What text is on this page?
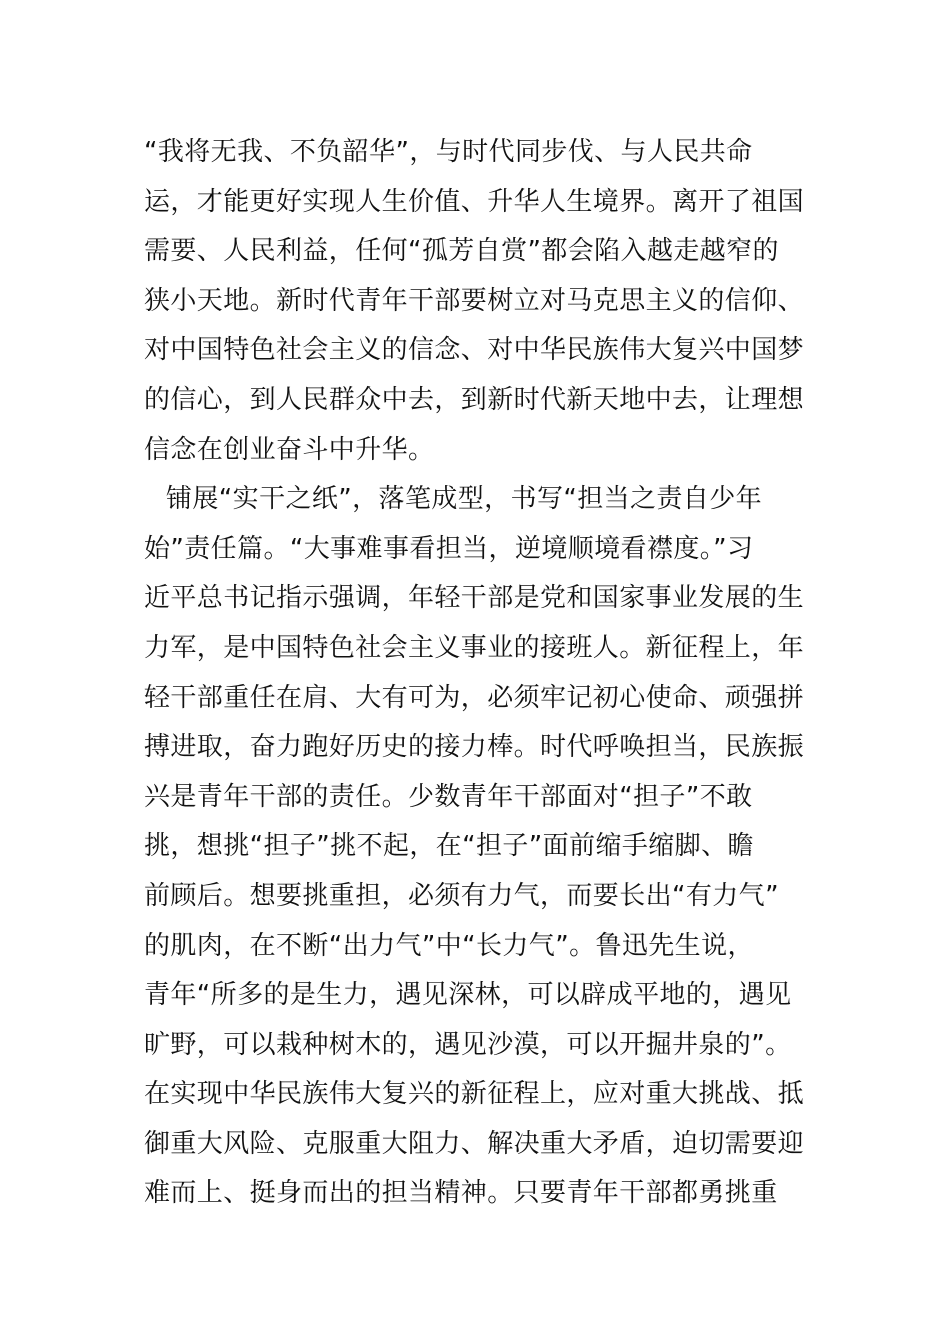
“我将无我、不负韶华”，与时代同步伐、与人民共命
运，才能更好实现人生价值、升华人生境界。离开了祖国
需要、人民利益，任何“孤芳自赏”都会陷入越走越窄的
狭小天地。新时代青年干部要树立对马克思主义的信仰、
对中国特色社会主义的信念、对中华民族伟大复兴中国梦
的信心，到人民群众中去，到新时代新天地中去，让理想
信念在创业奋斗中升华。
铺展“实干之纸”，落笔成型，书写“担当之责自少年
始”责任篇。“大事难事看担当，逆境顺境看襟度。”习
近平总书记指示强调，年轻干部是党和国家事业发展的生
力军，是中国特色社会主义事业的接班人。新征程上，年
轻干部重任在肩、大有可为，必须牢记初心使命、顽强拼
搏进取，奋力跑好历史的接力棒。时代呼唤担当，民族振
兴是青年干部的责任。少数青年干部面对“担子”不敢
挑，想挑“担子”挑不起，在“担子”面前缩手缩脚、瞻
前顾后。想要挑重担，必须有力气，而要长出“有力气”
的肌肉，在不断“出力气”中“长力气”。鲁迅先生说，
青年“所多的是生力，遇见深林，可以辟成平地的，遇见
旷野，可以栽种树木的，遇见沙漠，可以开掘井泉的”。
在实现中华民族伟大复兴的新征程上，应对重大挑战、抵
御重大风险、克服重大阻力、解决重大矛盾，迫切需要迎
难而上、挺身而出的担当精神。只要青年干部都勇挑重
